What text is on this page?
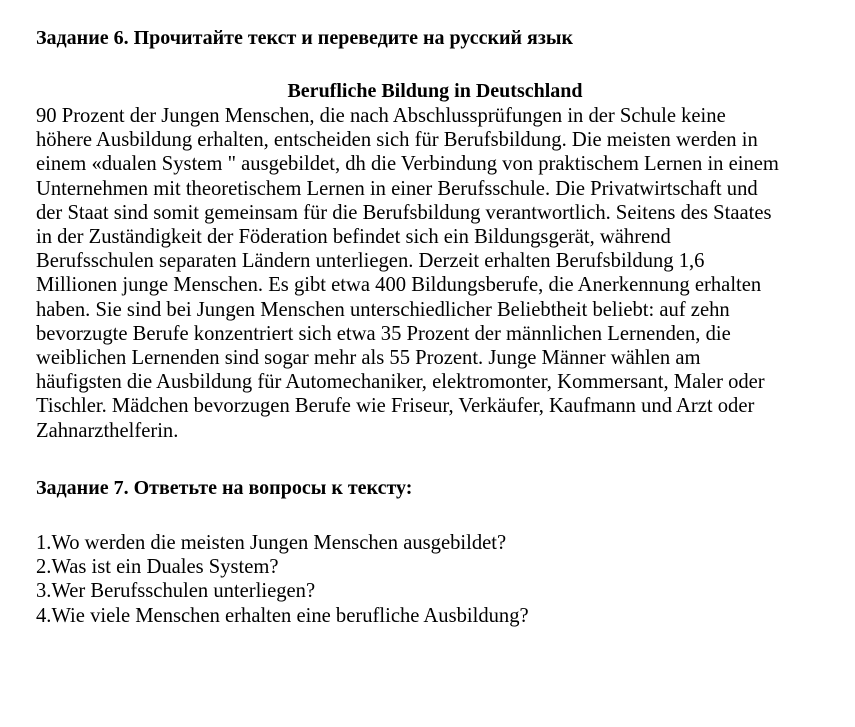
Задание 6. Прочитайте текст и переведите на русский язык
Berufliche Bildung in Deutschland
90 Prozent der Jungen Menschen, die nach Abschlussprüfungen in der Schule keine
höhere Ausbildung erhalten, entscheiden sich für Berufsbildung. Die meisten werden in
einem «dualen System " ausgebildet, dh die Verbindung von praktischem Lernen in einem
Unternehmen mit theoretischem Lernen in einer Berufsschule. Die Privatwirtschaft und
der Staat sind somit gemeinsam für die Berufsbildung verantwortlich. Seitens des Staates
in der Zuständigkeit der Föderation befindet sich ein Bildungsgerät, während
Berufsschulen separaten Ländern unterliegen. Derzeit erhalten Berufsbildung 1,6
Millionen junge Menschen. Es gibt etwa 400 Bildungsberufe, die Anerkennung erhalten
haben. Sie sind bei Jungen Menschen unterschiedlicher Beliebtheit beliebt: auf zehn
bevorzugte Berufe konzentriert sich etwa 35 Prozent der männlichen Lernenden, die
weiblichen Lernenden sind sogar mehr als 55 Prozent. Junge Männer wählen am
häufigsten die Ausbildung für Automechaniker, elektromonter, Kommersant, Maler oder
Tischler. Mädchen bevorzugen Berufe wie Friseur, Verkäufer, Kaufmann und Arzt oder
Zahnarzthelferin.
Задание 7. Ответьте на вопросы к тексту:
1.Wo werden die meisten Jungen Menschen ausgebildet?
2.Was ist ein Duales System?
3.Wer Berufsschulen unterliegen?
4.Wie viele Menschen erhalten eine berufliche Ausbildung?
